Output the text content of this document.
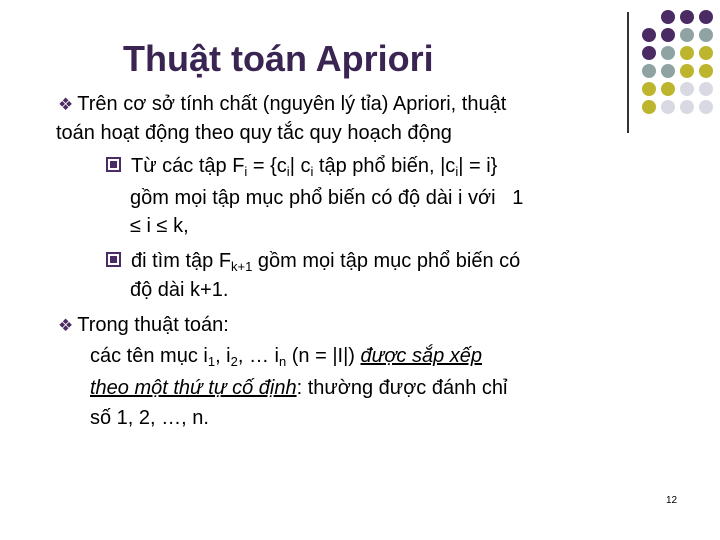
Thuật toán Apriori
❖ Trên cơ sở tính chất (nguyên lý tỉa) Apriori, thuật
toán hoạt động theo quy tắc quy hoạch động
Từ các tập $F_i = \{c_i|$ $c_i$ tập phổ biến, $|c_i| = i$}
gồm mọi tập mục phổ biến có độ dài i với   1
≤ i ≤ k,
đi tìm tập $F_{k+1}$ gồm mọi tập mục phổ biến có
độ dài k+1.
❖ Trong thuật toán:
các tên mục $i_1$, $i_2$, … $i_n$ (n = |I|) được sắp xếp
theo một thứ tự cố định: thường được đánh chỉ
số 1, 2, …, n.
12
